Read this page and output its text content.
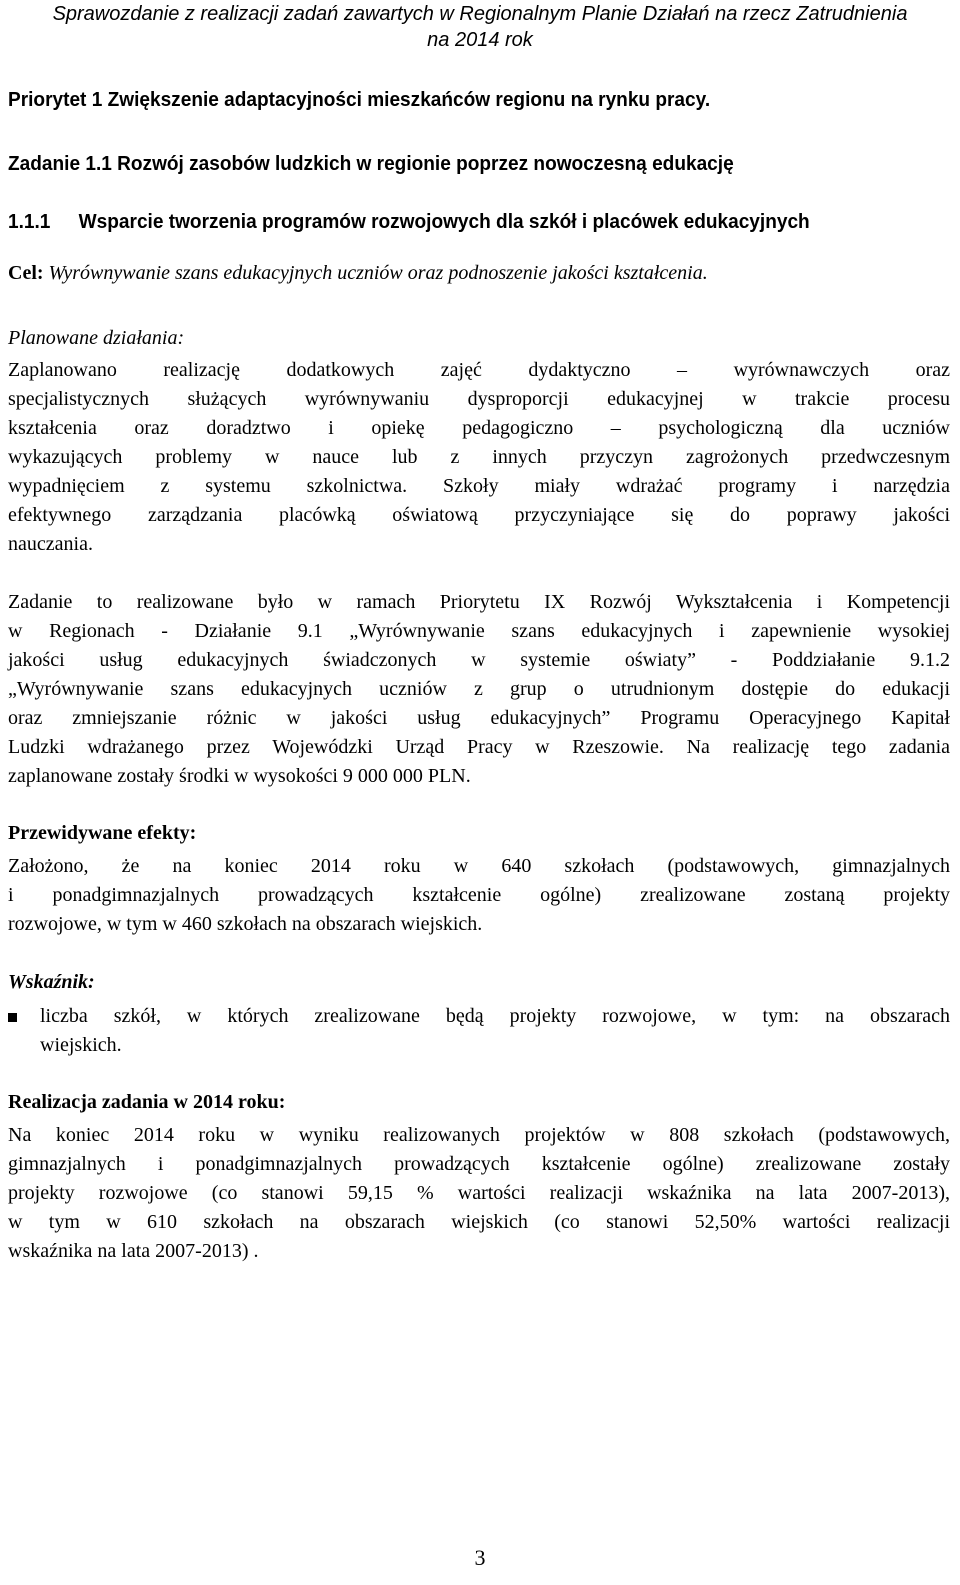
Sprawozdanie z realizacji zadań zawartych w Regionalnym Planie Działań na rzecz Zatrudnienia
na 2014 rok
Priorytet 1 Zwiększenie adaptacyjności mieszkańców regionu na rynku pracy.
Zadanie 1.1 Rozwój zasobów ludzkich w regionie poprzez nowoczesną edukację
1.1.1 Wsparcie tworzenia programów rozwojowych dla szkół i placówek edukacyjnych
Cel: Wyrównywanie szans edukacyjnych uczniów oraz podnoszenie jakości kształcenia.
Planowane działania:
Zaplanowano realizację dodatkowych zajęć dydaktyczno – wyrównawczych oraz
specjalistycznych służących wyrównywaniu dysproporcji edukacyjnej w trakcie procesu
kształcenia oraz doradztwo i opiekę pedagogiczno – psychologiczną dla uczniów
wykazujących problemy w nauce lub z innych przyczyn zagrożonych przedwczesnym
wypadnięciem z systemu szkolnictwa. Szkoły miały wdrażać programy i narzędzia
efektywnego zarządzania placówką oświatową przyczyniające się do poprawy jakości
nauczania.
Zadanie to realizowane było w ramach Priorytetu IX Rozwój Wykształcenia i Kompetencji
w Regionach - Działanie 9.1 „Wyrównywanie szans edukacyjnych i zapewnienie wysokiej
jakości usług edukacyjnych świadczonych w systemie oświaty” - Poddziałanie 9.1.2
„Wyrównywanie szans edukacyjnych uczniów z grup o utrudnionym dostępie do edukacji
oraz zmniejszanie różnic w jakości usług edukacyjnych” Programu Operacyjnego Kapitał
Ludzki wdrażanego przez Wojewódzki Urząd Pracy w Rzeszowie. Na realizację tego zadania
zaplanowane zostały środki w wysokości 9 000 000 PLN.
Przewidywane efekty:
Założono, że na koniec 2014 roku w 640 szkołach (podstawowych, gimnazjalnych
i ponadgimnazjalnych prowadzących kształcenie ogólne) zrealizowane zostaną projekty
rozwojowe, w tym w 460 szkołach na obszarach wiejskich.
Wskaźnik:
liczba szkół, w których zrealizowane będą projekty rozwojowe, w tym: na obszarach
wiejskich.
Realizacja zadania w 2014 roku:
Na koniec 2014 roku w wyniku realizowanych projektów w 808 szkołach (podstawowych,
gimnazjalnych i ponadgimnazjalnych prowadzących kształcenie ogólne) zrealizowane zostały
projekty rozwojowe (co stanowi 59,15 % wartości realizacji wskaźnika na lata 2007-2013),
w tym w 610 szkołach na obszarach wiejskich (co stanowi 52,50% wartości realizacji
wskaźnika na lata 2007-2013) .
3
